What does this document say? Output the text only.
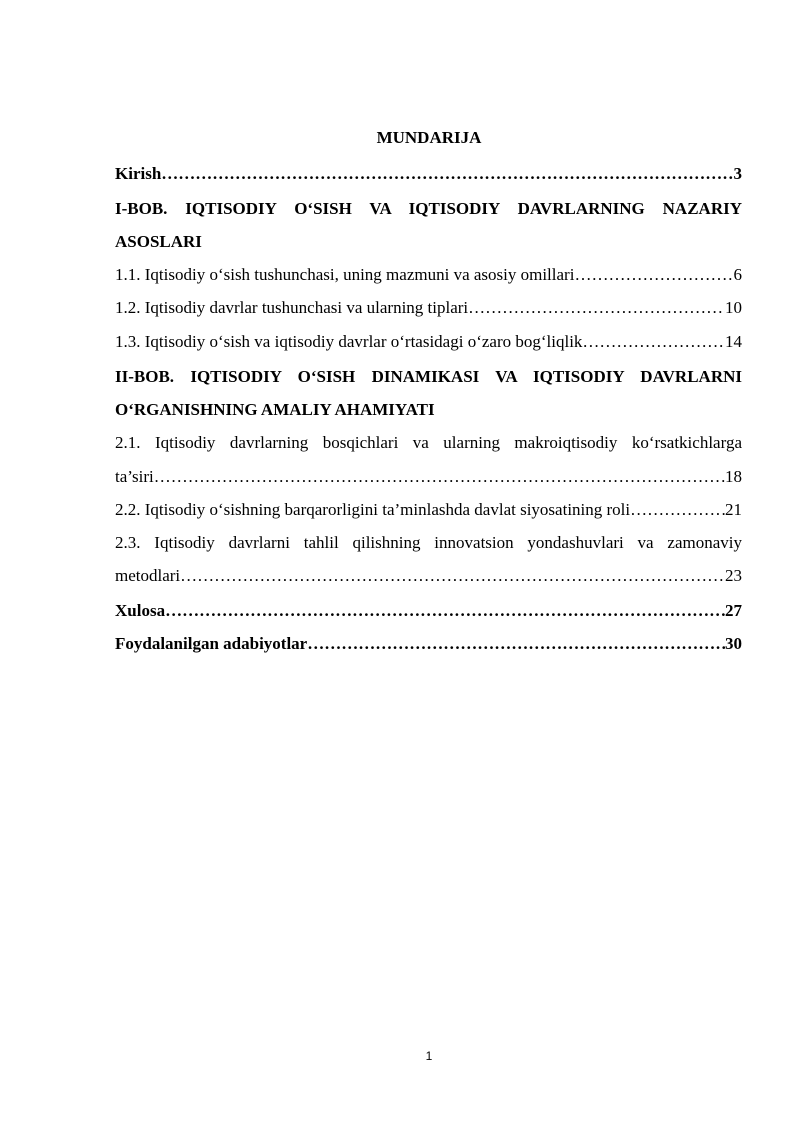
MUNDARIJA
Kirish ……………………………………………………………………………………………………………………………………………………………………	3
I-BOB. IQTISODIY O‘SISH VA IQTISODIY DAVRLARNING NAZARIY
ASOSLARI
1.1. Iqtisodiy o‘sish tushunchasi, uning mazmuni va asosiy omillari ……………………………………………………………………………………………………………………………………………………………………	6
1.2. Iqtisodiy davrlar tushunchasi va ularning tiplari ……………………………………………………………………………………………………………………………………………………………………	10
1.3. Iqtisodiy o‘sish va iqtisodiy davrlar o‘rtasidagi o‘zaro bog‘liqlik ……………………………………………………………………………………………………………………………………………………………………	14
II-BOB. IQTISODIY O‘SISH DINAMIKASI VA IQTISODIY DAVRLARNI
O‘RGANISHNING AMALIY AHAMIYATI
2.1. Iqtisodiy davrlarning bosqichlari va ularning makroiqtisodiy ko‘rsatkichlarga
ta’siri ……………………………………………………………………………………………………………………………………………………………………	18
2.2. Iqtisodiy o‘sishning barqarorligini ta’minlashda davlat siyosatining roli ……………………………………………………………………………………………………………………………………………………………………	21
2.3. Iqtisodiy davrlarni tahlil qilishning innovatsion yondashuvlari va zamonaviy
metodlari ……………………………………………………………………………………………………………………………………………………………………	23
Xulosa ……………………………………………………………………………………………………………………………………………………………………	27
Foydalanilgan adabiyotlar ……………………………………………………………………………………………………………………………………………………………………	30
1
